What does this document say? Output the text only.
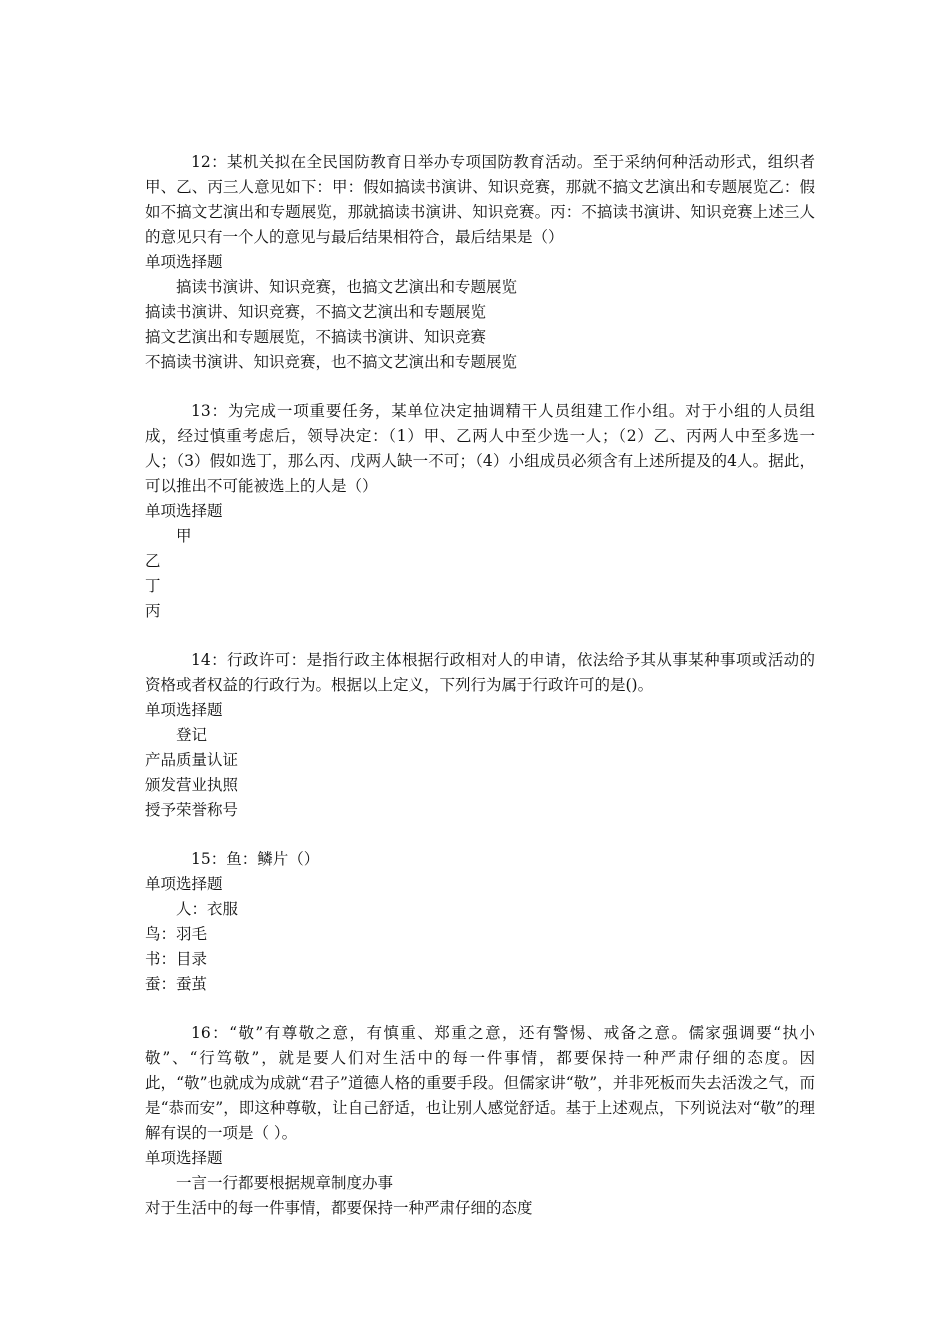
12：某机关拟在全民国防教育日举办专项国防教育活动。至于采纳何种活动形式，组织者甲、乙、丙三人意见如下：甲：假如搞读书演讲、知识竞赛，那就不搞文艺演出和专题展览乙：假如不搞文艺演出和专题展览，那就搞读书演讲、知识竞赛。丙：不搞读书演讲、知识竞赛上述三人的意见只有一个人的意见与最后结果相符合，最后结果是（）

单项选择题

搞读书演讲、知识竞赛，也搞文艺演出和专题展览
搞读书演讲、知识竞赛，不搞文艺演出和专题展览
搞文艺演出和专题展览，不搞读书演讲、知识竞赛
不搞读书演讲、知识竞赛，也不搞文艺演出和专题展览

13：为完成一项重要任务，某单位决定抽调精干人员组建工作小组。对于小组的人员组成，经过慎重考虑后，领导决定：（1）甲、乙两人中至少选一人；（2）乙、丙两人中至多选一人；（3）假如选丁，那么丙、戊两人缺一不可；（4）小组成员必须含有上述所提及的4人。据此，可以推出不可能被选上的人是（）

单项选择题

甲
乙
丁
丙

14：行政许可：是指行政主体根据行政相对人的申请，依法给予其从事某种事项或活动的资格或者权益的行政行为。根据以上定义，下列行为属于行政许可的是()。

单项选择题

登记
产品质量认证
颁发营业执照
授予荣誉称号

15：鱼：鳞片（）

单项选择题

人：衣服
鸟：羽毛
书：目录
蚕：蚕茧

16：“敬”有尊敬之意，有慎重、郑重之意，还有警惕、戒备之意。儒家强调要“执小敬”、“行笃敬”，就是要人们对生活中的每一件事情，都要保持一种严肃仔细的态度。因此，“敬”也就成为成就“君子”道德人格的重要手段。但儒家讲“敬”，并非死板而失去活泼之气，而是“恭而安”，即这种尊敬，让自己舒适，也让别人感觉舒适。基于上述观点，下列说法对“敬”的理解有误的一项是（ ）。

单项选择题

一言一行都要根据规章制度办事
对于生活中的每一件事情，都要保持一种严肃仔细的态度
